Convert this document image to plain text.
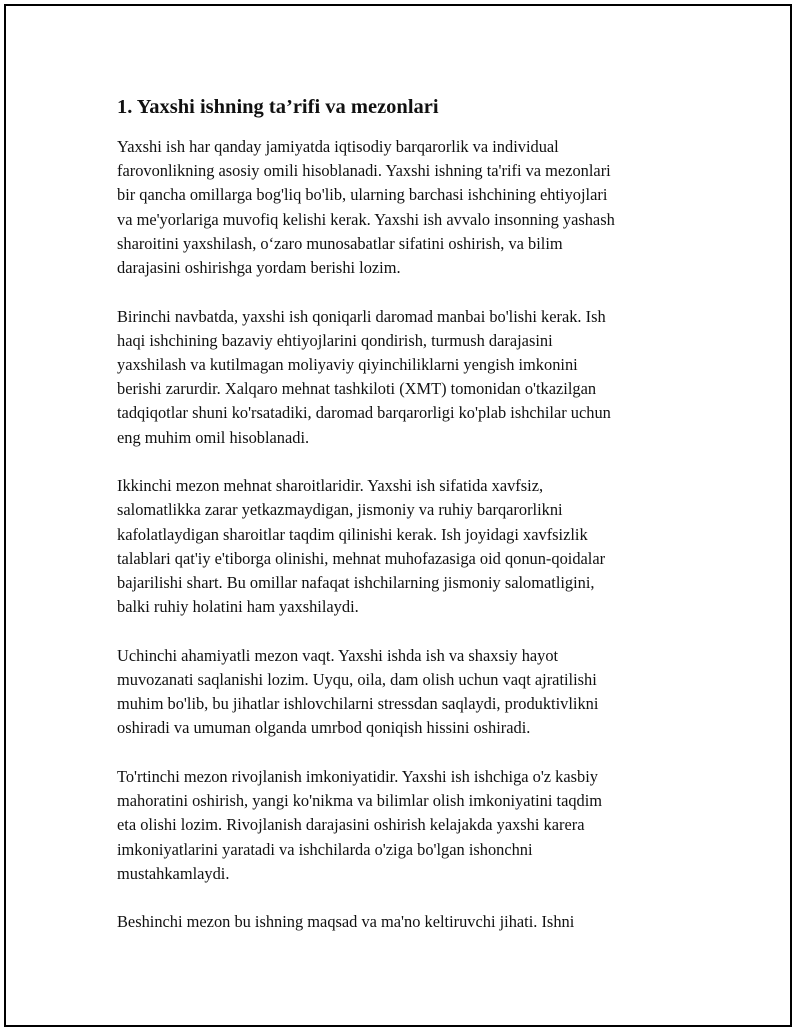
1. Yaxshi ishning ta’rifi va mezonlari

Yaxshi ish har qanday jamiyatda iqtisodiy barqarorlik va individual
farovonlikning asosiy omili hisoblanadi. Yaxshi ishning ta'rifi va mezonlari
bir qancha omillarga bog'liq bo'lib, ularning barchasi ishchining ehtiyojlari
va me'yorlariga muvofiq kelishi kerak. Yaxshi ish avvalo insonning yashash
sharoitini yaxshilash, o‘zaro munosabatlar sifatini oshirish, va bilim
darajasini oshirishga yordam berishi lozim.

Birinchi navbatda, yaxshi ish qoniqarli daromad manbai bo'lishi kerak. Ish
haqi ishchining bazaviy ehtiyojlarini qondirish, turmush darajasini
yaxshilash va kutilmagan moliyaviy qiyinchiliklarni yengish imkonini
berishi zarurdir. Xalqaro mehnat tashkiloti (XMT) tomonidan o'tkazilgan
tadqiqotlar shuni ko'rsatadiki, daromad barqarorligi ko'plab ishchilar uchun
eng muhim omil hisoblanadi.

Ikkinchi mezon mehnat sharoitlaridir. Yaxshi ish sifatida xavfsiz,
salomatlikka zarar yetkazmaydigan, jismoniy va ruhiy barqarorlikni
kafolatlaydigan sharoitlar taqdim qilinishi kerak. Ish joyidagi xavfsizlik
talablari qat'iy e'tiborga olinishi, mehnat muhofazasiga oid qonun-qoidalar
bajarilishi shart. Bu omillar nafaqat ishchilarning jismoniy salomatligini,
balki ruhiy holatini ham yaxshilaydi.

Uchinchi ahamiyatli mezon vaqt. Yaxshi ishda ish va shaxsiy hayot
muvozanati saqlanishi lozim. Uyqu, oila, dam olish uchun vaqt ajratilishi
muhim bo'lib, bu jihatlar ishlovchilarni stressdan saqlaydi, produktivlikni
oshiradi va umuman olganda umrbod qoniqish hissini oshiradi.

To'rtinchi mezon rivojlanish imkoniyatidir. Yaxshi ish ishchiga o'z kasbiy
mahoratini oshirish, yangi ko'nikma va bilimlar olish imkoniyatini taqdim
eta olishi lozim. Rivojlanish darajasini oshirish kelajakda yaxshi karera
imkoniyatlarini yaratadi va ishchilarda o'ziga bo'lgan ishonchni
mustahkamlaydi.

Beshinchi mezon bu ishning maqsad va ma'no keltiruvchi jihati. Ishni
